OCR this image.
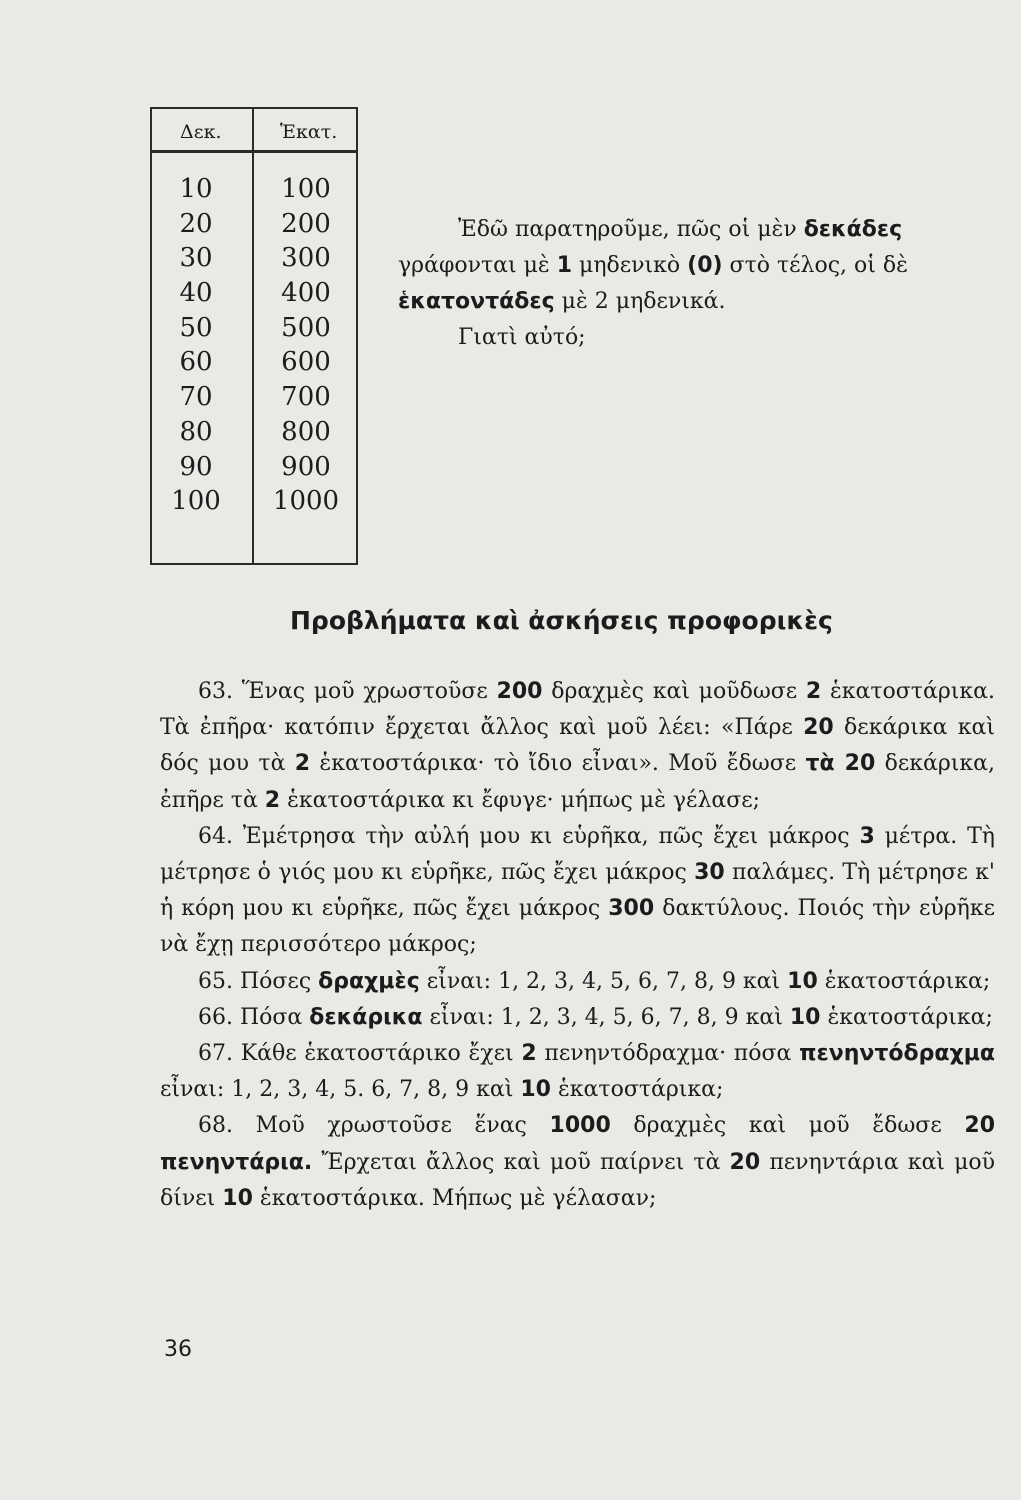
Δεκ.	Ἑκατ.
10
20
30
40
50
60
70
80
90
100
100
200
300
400
500
600
700
800
900
1000

Ἐδῶ παρατηροῦμε, πῶς οἱ μὲν δεκάδες γράφονται μὲ 1 μηδενικὸ (0) στὸ τέλος, οἱ δὲ ἑκατοντάδες μὲ 2 μηδενικά.

Γιατὶ αὐτό;

Προβλήματα καὶ ἀσκήσεις προφορικὲς

63. Ἕνας μοῦ χρωστοῦσε 200 δραχμὲς καὶ μοῦδωσε 2 ἑκατοστάρικα. Τὰ ἐπῆρα· κατόπιν ἔρχεται ἄλλος καὶ μοῦ λέει: «Πάρε 20 δεκάρικα καὶ δός μου τὰ 2 ἑκατοστάρικα· τὸ ἴδιο εἶναι». Μοῦ ἔδωσε τὰ 20 δεκάρικα, ἐπῆρε τὰ 2 ἑκατοστάρικα κι ἔφυγε· μήπως μὲ γέλασε;

64. Ἐμέτρησα τὴν αὐλή μου κι εὑρῆκα, πῶς ἔχει μάκρος 3 μέτρα. Τὴ μέτρησε ὁ γιός μου κι εὑρῆκε, πῶς ἔχει μάκρος 30 παλάμες. Τὴ μέτρησε κ' ἡ κόρη μου κι εὑρῆκε, πῶς ἔχει μάκρος 300 δακτύλους. Ποιός τὴν εὑρῆκε νὰ ἔχῃ περισσότερο μάκρος;

65. Πόσες δραχμὲς εἶναι: 1, 2, 3, 4, 5, 6, 7, 8, 9 καὶ 10 ἑκατοστάρικα;

66. Πόσα δεκάρικα εἶναι: 1, 2, 3, 4, 5, 6, 7, 8, 9 καὶ 10 ἑκατοστάρικα;

67. Κάθε ἑκατοστάρικο ἔχει 2 πενηντόδραχμα· πόσα πενηντόδραχμα εἶναι: 1, 2, 3, 4, 5. 6, 7, 8, 9 καὶ 10 ἑκατοστάρικα;

68. Μοῦ χρωστοῦσε ἕνας 1000 δραχμὲς καὶ μοῦ ἔδωσε 20 πενηντάρια. Ἔρχεται ἄλλος καὶ μοῦ παίρνει τὰ 20 πενηντάρια καὶ μοῦ δίνει 10 ἑκατοστάρικα. Μήπως μὲ γέλασαν;

36
